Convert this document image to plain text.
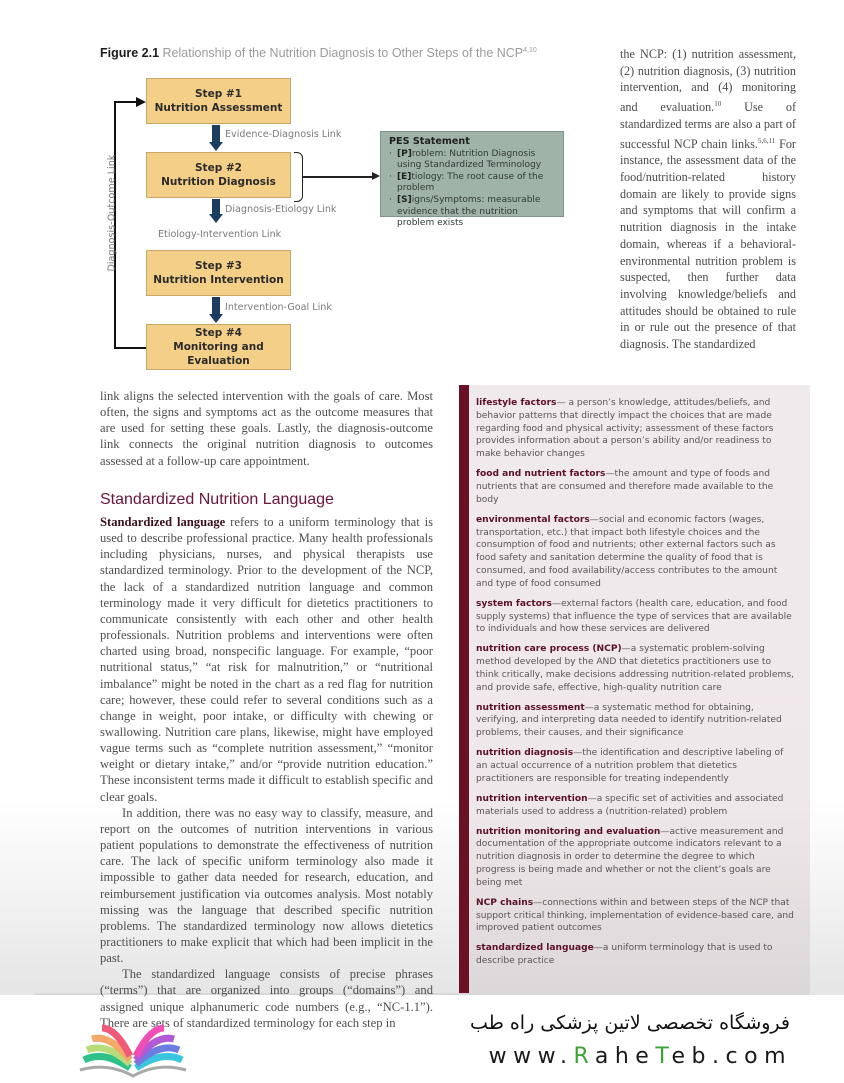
Figure 2.1 Relationship of the Nutrition Diagnosis to Other Steps of the NCP$^{4,10}$
Diagnosis-Outcome Link
Step #1
Nutrition Assessment
Evidence-Diagnosis Link
Step #2
Nutrition Diagnosis
Diagnosis-Etiology Link
Etiology-Intervention Link
Step #3
Nutrition Intervention
Intervention-Goal Link
Step #4
Monitoring and Evaluation
PES Statement
· [P]roblem: Nutrition Diagnosis using Standardized Terminology
· [E]tiology: The root cause of the problem
· [S]igns/Symptoms: measurable evidence that the nutrition problem exists
the NCP: (1) nutrition assessment, (2) nutrition diagnosis, (3) nutrition intervention, and (4) monitoring and evaluation.$^{10}$ Use of standardized terms are also a part of successful NCP chain links.$^{5,6,11}$ For instance, the assessment data of the food/nutrition-related history domain are likely to provide signs and symptoms that will confirm a nutrition diagnosis in the intake domain, whereas if a behavioral-environmental nutrition problem is suspected, then further data involving knowledge/beliefs and attitudes should be obtained to rule in or rule out the presence of that diagnosis. The standardized

link aligns the selected intervention with the goals of care. Most often, the signs and symptoms act as the outcome measures that are used for setting these goals. Lastly, the diagnosis-outcome link connects the original nutrition diagnosis to outcomes assessed at a follow-up care appointment.

Standardized Nutrition Language

Standardized language refers to a uniform terminology that is used to describe professional practice. Many health professionals including physicians, nurses, and physical therapists use standardized terminology. Prior to the development of the NCP, the lack of a standardized nutrition language and common terminology made it very difficult for dietetics practitioners to communicate consistently with each other and other health professionals. Nutrition problems and interventions were often charted using broad, nonspecific language. For example, “poor nutritional status,” “at risk for malnutrition,” or “nutritional imbalance” might be noted in the chart as a red flag for nutrition care; however, these could refer to several conditions such as a change in weight, poor intake, or difficulty with chewing or swallowing. Nutrition care plans, likewise, might have employed vague terms such as “complete nutrition assessment,” “monitor weight or dietary intake,” and/or “provide nutrition education.” These inconsistent terms made it difficult to establish specific and clear goals.

In addition, there was no easy way to classify, measure, and report on the outcomes of nutrition interventions in various patient populations to demonstrate the effectiveness of nutrition care. The lack of specific uniform terminology also made it impossible to gather data needed for research, education, and reimbursement justification via outcomes analysis. Most notably missing was the language that described specific nutrition problems. The standardized terminology now allows dietetics practitioners to make explicit that which had been implicit in the past.

The standardized language consists of precise phrases (“terms”) that are organized into groups (“domains”) and assigned unique alphanumeric code numbers (e.g., “NC-1.1”). There are sets of standardized terminology for each step in

lifestyle factors— a person’s knowledge, attitudes/beliefs, and behavior patterns that directly impact the choices that are made regarding food and physical activity; assessment of these factors provides information about a person’s ability and/or readiness to make behavior changes
food and nutrient factors—the amount and type of foods and nutrients that are consumed and therefore made available to the body
environmental factors—social and economic factors (wages, transportation, etc.) that impact both lifestyle choices and the consumption of food and nutrients; other external factors such as food safety and sanitation determine the quality of food that is consumed, and food availability/access contributes to the amount and type of food consumed
system factors—external factors (health care, education, and food supply systems) that influence the type of services that are available to individuals and how these services are delivered
nutrition care process (NCP)—a systematic problem-solving method developed by the AND that dietetics practitioners use to think critically, make decisions addressing nutrition-related problems, and provide safe, effective, high-quality nutrition care
nutrition assessment—a systematic method for obtaining, verifying, and interpreting data needed to identify nutrition-related problems, their causes, and their significance
nutrition diagnosis—the identification and descriptive labeling of an actual occurrence of a nutrition problem that dietetics practitioners are responsible for treating independently
nutrition intervention—a specific set of activities and associated materials used to address a (nutrition-related) problem
nutrition monitoring and evaluation—active measurement and documentation of the appropriate outcome indicators relevant to a nutrition diagnosis in order to determine the degree to which progress is being made and whether or not the client’s goals are being met
NCP chains—connections within and between steps of the NCP that support critical thinking, implementation of evidence-based care, and improved patient outcomes
standardized language—a uniform terminology that is used to describe practice
فروشگاه تخصصی لاتین پزشکی راه طب
www.RaheTeb.com
